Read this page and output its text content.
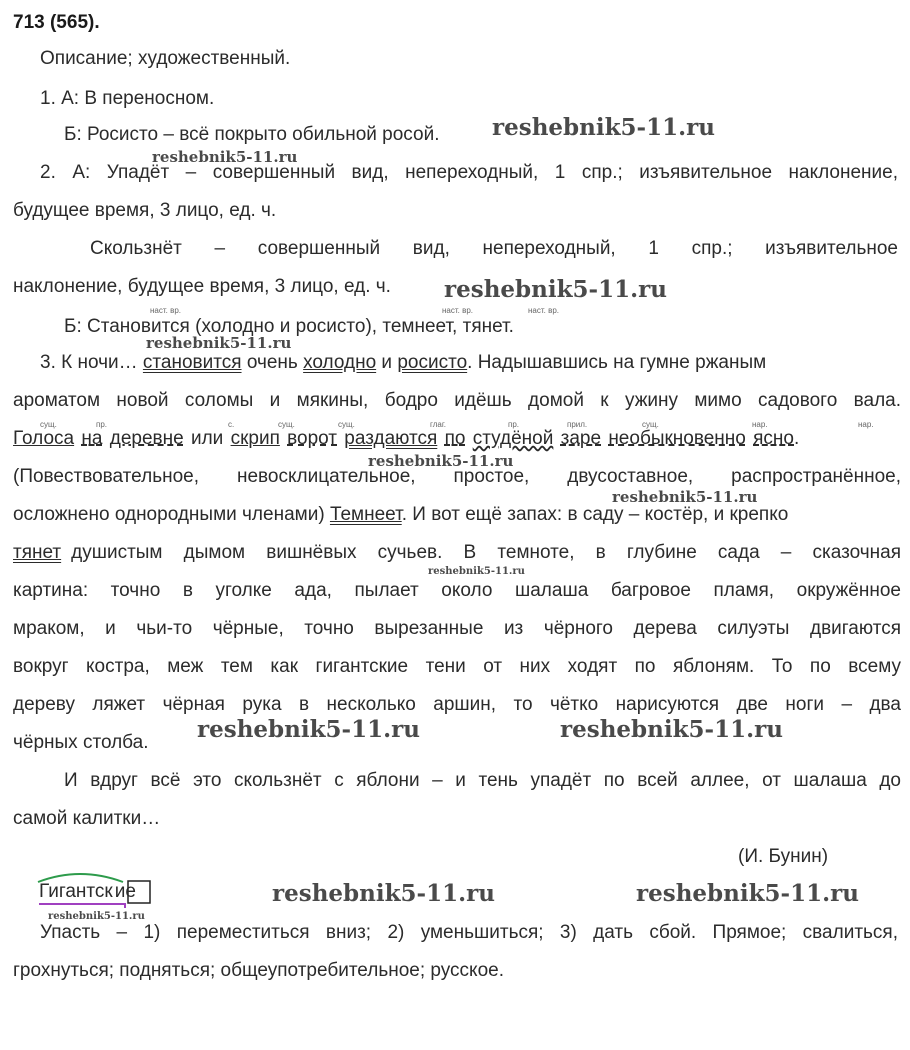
713 (565).
Описание; художественный.
1. А: В переносном.
Б: Росисто – всё покрыто обильной росой.
2. А: Упадёт – совершенный вид, непереходный, 1 спр.; изъявительное наклонение,
будущее время, 3 лицо, ед. ч.
Скользнёт – совершенный вид, непереходный, 1 спр.; изъявительное
наклонение, будущее время, 3 лицо, ед. ч.
наст. вр.	наст. вр.	наст. вр.
Б: Становится (холодно и росисто), темнеет, тянет.
3. К ночи… становится очень холодно и росисто. Надышавшись на гумне ржаным
ароматом новой соломы и мякины, бодро идёшь домой к ужину мимо садового вала.
сущ.	пр.	с.	сущ.	сущ.	глаг.	пр.	прил.	сущ.	нар.	нар.
Голоса на деревне или скрип ворот раздаются по студёной заре необыкновенно ясно.
(Повествовательное, невосклицательное, простое, двусоставное, распространённое,
осложнено однородными членами) Темнеет. И вот ещё запах: в саду – костёр, и крепко
тянет душистым дымом вишнёвых сучьев. В темноте, в глубине сада – сказочная
картина: точно в уголке ада, пылает около шалаша багровое пламя, окружённое
мраком, и чьи-то чёрные, точно вырезанные из чёрного дерева силуэты двигаются
вокруг костра, меж тем как гигантские тени от них ходят по яблоням. То по всему
дереву ляжет чёрная рука в несколько аршин, то чётко нарисуются две ноги – два
чёрных столба.
И вдруг всё это скользнёт с яблони – и тень упадёт по всей аллее, от шалаша до
самой калитки…
(И. Бунин)
Гигантск ие
Упасть – 1) переместиться вниз; 2) уменьшиться; 3) дать сбой. Прямое; свалиться,
грохнуться; подняться; общеупотребительное; русское.
reshebnik5-11.ru
reshebnik5-11.ru
reshebnik5-11.ru
reshebnik5-11.ru
reshebnik5-11.ru
reshebnik5-11.ru
reshebnik5-11.ru
reshebnik5-11.ru	reshebnik5-11.ru
reshebnik5-11.ru	reshebnik5-11.ru
reshebnik5-11.ru
